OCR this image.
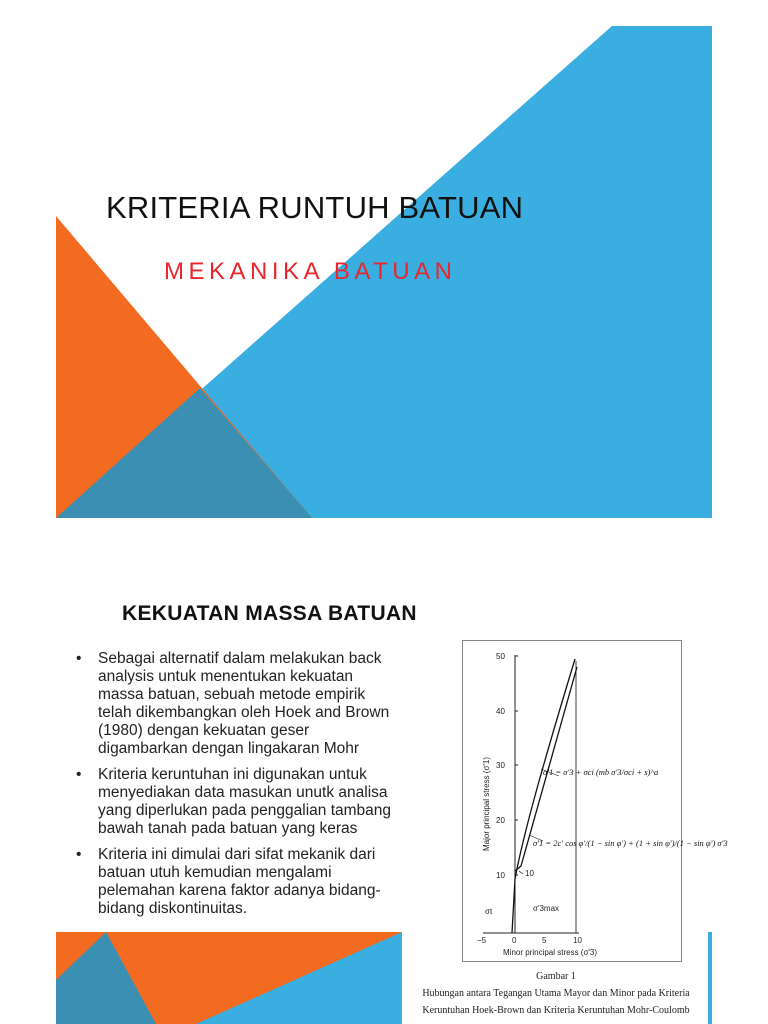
KRITERIA RUNTUH BATUAN
MEKANIKA BATUAN
KEKUATAN MASSA BATUAN
• Sebagai alternatif dalam melakukan back analysis untuk menentukan kekuatan massa batuan, sebuah metode empirik telah dikembangkan oleh Hoek and Brown (1980) dengan kekuatan geser digambarkan dengan lingakaran Mohr
• Kriteria keruntuhan ini digunakan untuk menyediakan data masukan unutk analisa yang diperlukan pada penggalian tambang bawah tanah pada batuan yang keras
• Kriteria ini dimulai dari sifat mekanik dari batuan utuh kemudian mengalami pelemahan karena faktor adanya bidang-bidang diskontinuitas.
50
40
30
20
10
−5	0	5	10
10
σt	σ'3max
σ'1 = σ'3 + σci (mb σ'3/σci + s)^a
σ'1 = 2c' cos φ'/(1 − sin φ') + (1 + sin φ')/(1 − sin φ') σ'3
Major principal stress (σ'1)
Minor principal stress (σ'3)
Gambar 1
Hubungan antara Tegangan Utama Mayor dan Minor pada Kriteria
Keruntuhan Hoek-Brown dan Kriteria Keruntuhan Mohr-Coulomb
